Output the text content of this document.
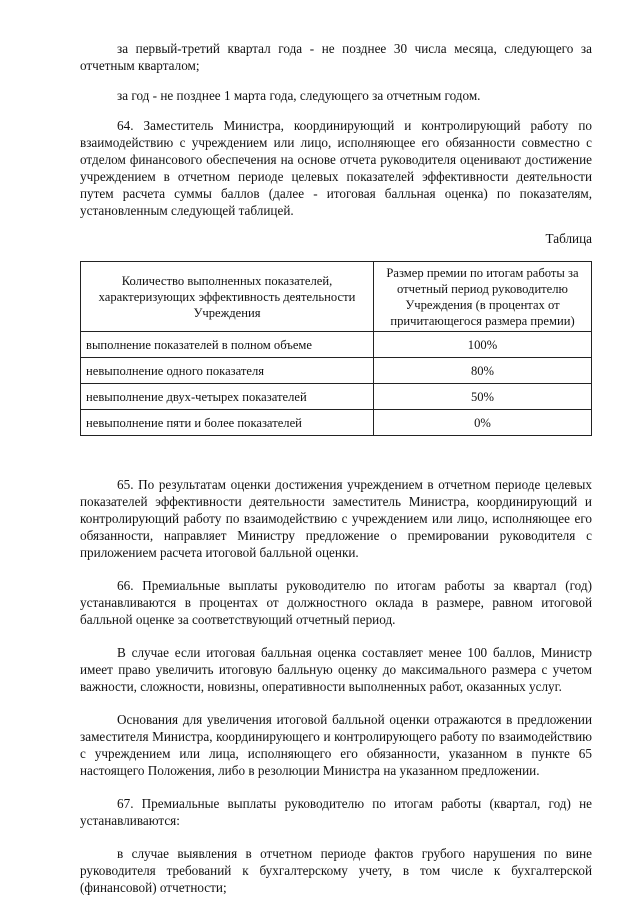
за первый-третий квартал года - не позднее 30 числа месяца, следующего за отчетным кварталом;

за год - не позднее 1 марта года, следующего за отчетным годом.

64. Заместитель Министра, координирующий и контролирующий работу по взаимодействию с учреждением или лицо, исполняющее его обязанности совместно с отделом финансового обеспечения на основе отчета руководителя оценивают достижение учреждением в отчетном периоде целевых показателей эффективности деятельности путем расчета суммы баллов (далее - итоговая балльная оценка) по показателям, установленным следующей таблицей.

Таблица

Количество выполненных показателей, характеризующих эффективность деятельности Учреждения	Размер премии по итогам работы за отчетный период руководителю Учреждения (в процентах от причитающегося размера премии)
выполнение показателей в полном объеме	100%
невыполнение одного показателя	80%
невыполнение двух-четырех показателей	50%
невыполнение пяти и более показателей	0%

65. По результатам оценки достижения учреждением в отчетном периоде целевых показателей эффективности деятельности заместитель Министра, координирующий и контролирующий работу по взаимодействию с учреждением или лицо, исполняющее его обязанности, направляет Министру предложение о премировании руководителя с приложением расчета итоговой балльной оценки.

66. Премиальные выплаты руководителю по итогам работы за квартал (год) устанавливаются в процентах от должностного оклада в размере, равном итоговой балльной оценке за соответствующий отчетный период.

В случае если итоговая балльная оценка составляет менее 100 баллов, Министр имеет право увеличить итоговую балльную оценку до максимального размера с учетом важности, сложности, новизны, оперативности выполненных работ, оказанных услуг.

Основания для увеличения итоговой балльной оценки отражаются в предложении заместителя Министра, координирующего и контролирующего работу по взаимодействию с учреждением или лица, исполняющего его обязанности, указанном в пункте 65 настоящего Положения, либо в резолюции Министра на указанном предложении.

67. Премиальные выплаты руководителю по итогам работы (квартал, год) не устанавливаются:

в случае выявления в отчетном периоде фактов грубого нарушения по вине руководителя требований к бухгалтерскому учету, в том числе к бухгалтерской (финансовой) отчетности;
